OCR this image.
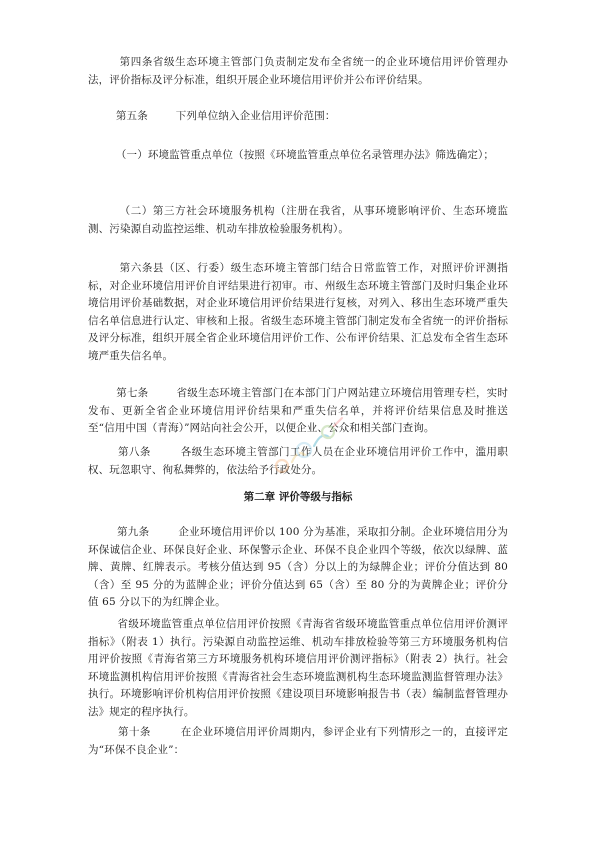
第四条省级生态环境主管部门负责制定发布全省统一的企业环境信用评价管理办法，评价指标及评分标准，组织开展企业环境信用评价并公布评价结果。
第五条        下列单位纳入企业信用评价范围：
（一）环境监管重点单位（按照《环境监管重点单位名录管理办法》筛选确定）；
（二）第三方社会环境服务机构（注册在我省，从事环境影响评价、生态环境监测、污染源自动监控运维、机动车排放检验服务机构）。
第六条县（区、行委）级生态环境主管部门结合日常监管工作，对照评价评测指标，对企业环境信用评价自评结果进行初审。市、州级生态环境主管部门及时归集企业环境信用评价基础数据，对企业环境信用评价结果进行复核，对列入、移出生态环境严重失信名单信息进行认定、审核和上报。省级生态环境主管部门制定发布全省统一的评价指标及评分标准，组织开展全省企业环境信用评价工作、公布评价结果、汇总发布全省生态环境严重失信名单。
第七条        省级生态环境主管部门在本部门门户网站建立环境信用管理专栏，实时发布、更新全省企业环境信用评价结果和严重失信名单，并将评价结果信息及时推送至“信用中国（青海）”网站向社会公开，以便企业、公众和相关部门查询。
第八条        各级生态环境主管部门工作人员在企业环境信用评价工作中，滥用职权、玩忽职守、徇私舞弊的，依法给予行政处分。
第二章 评价等级与指标
第九条        企业环境信用评价以 100 分为基准，采取扣分制。企业环境信用分为环保诚信企业、环保良好企业、环保警示企业、环保不良企业四个等级，依次以绿牌、蓝牌、黄牌、红牌表示。考核分值达到 95（含）分以上的为绿牌企业；评价分值达到 80（含）至 95 分的为蓝牌企业；评价分值达到 65（含）至 80 分的为黄牌企业；评价分值 65 分以下的为红牌企业。
省级环境监管重点单位信用评价按照《青海省省级环境监管重点单位信用评价测评指标》（附表 1）执行。污染源自动监控运维、机动车排放检验等第三方环境服务机构信用评价按照《青海省第三方环境服务机构环境信用评价测评指标》（附表 2）执行。社会环境监测机构信用评价按照《青海省社会生态环境监测机构生态环境监测监督管理办法》执行。环境影响评价机构信用评价按照《建设项目环境影响报告书（表）编制监督管理办法》规定的程序执行。
第十条        在企业环境信用评价周期内，参评企业有下列情形之一的，直接评定为“环保不良企业”：
